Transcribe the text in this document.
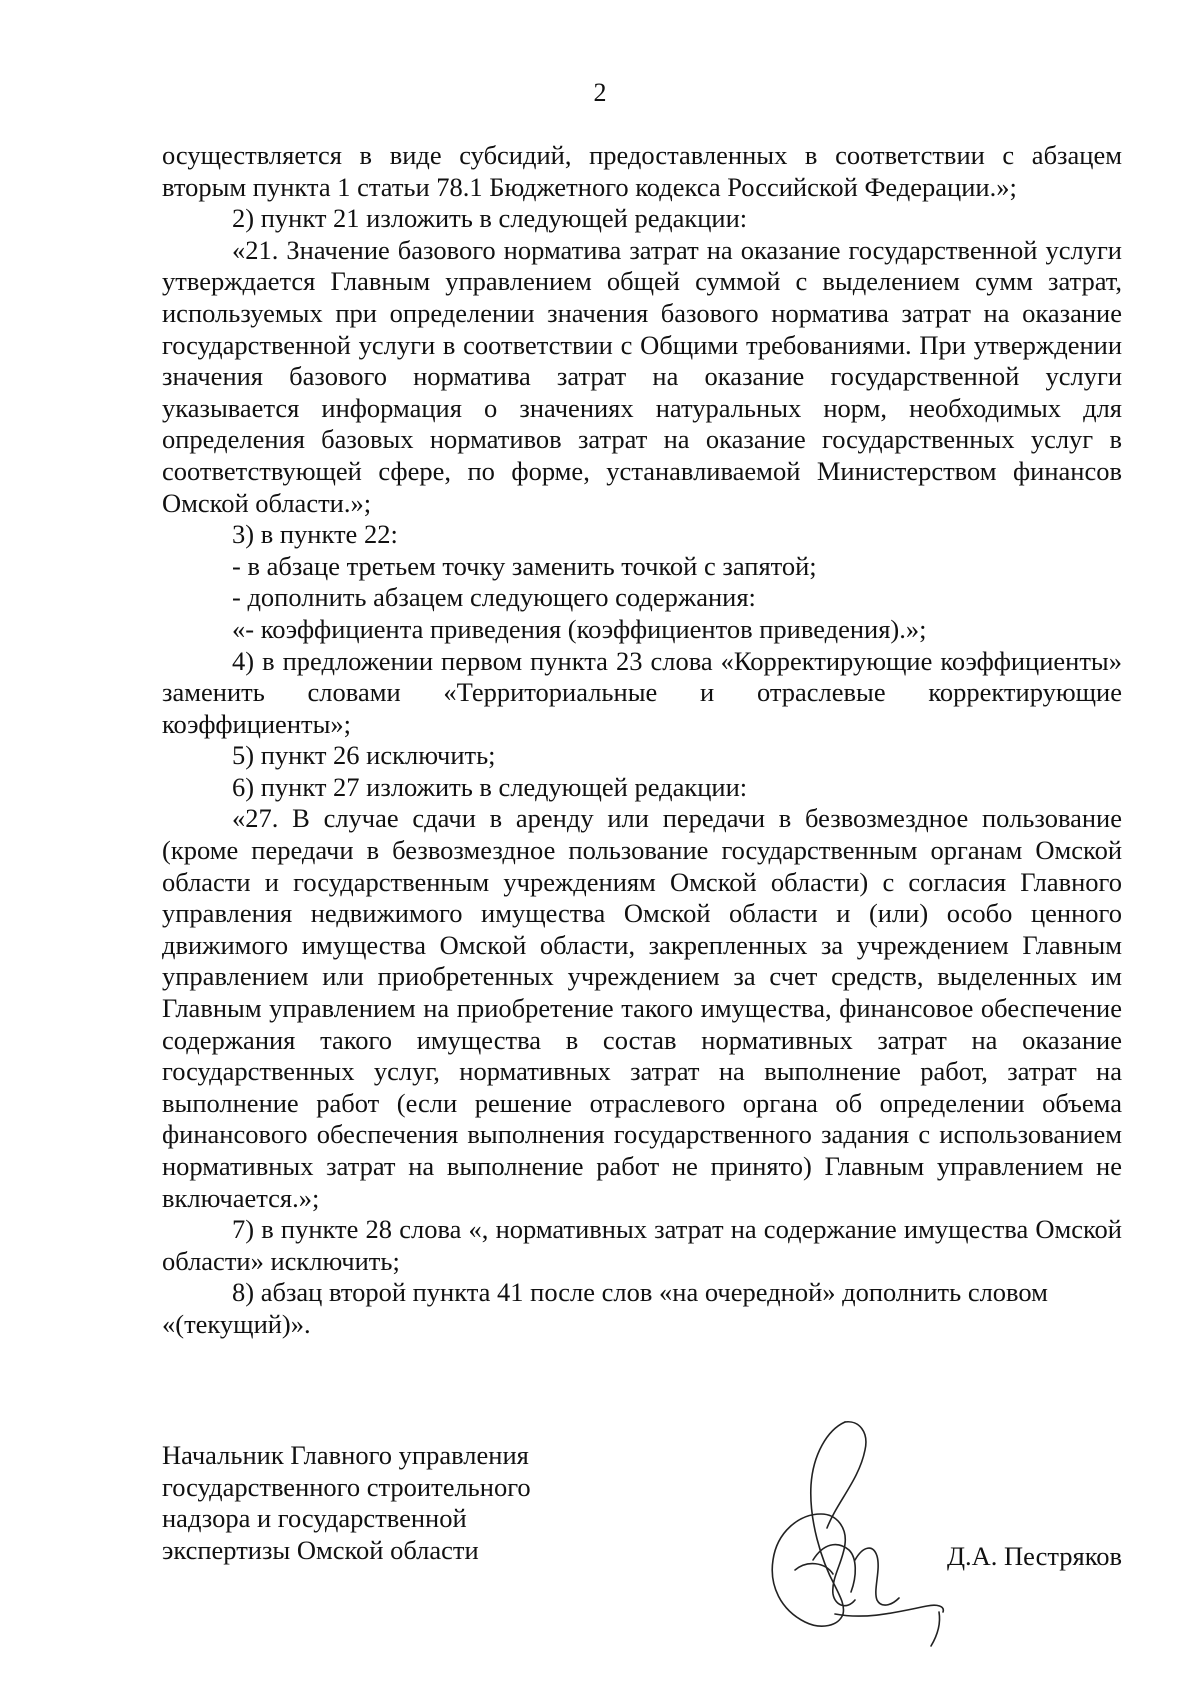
2

осуществляется в виде субсидий, предоставленных в соответствии с абзацем вторым пункта 1 статьи 78.1 Бюджетного кодекса Российской Федерации.»;

2) пункт 21 изложить в следующей редакции:

«21. Значение базового норматива затрат на оказание государственной услуги утверждается Главным управлением общей суммой с выделением сумм затрат, используемых при определении значения базового норматива затрат на оказание государственной услуги в соответствии с Общими требованиями. При утверждении значения базового норматива затрат на оказание государственной услуги указывается информация о значениях натуральных норм, необходимых для определения базовых нормативов затрат на оказание государственных услуг в соответствующей сфере, по форме, устанавливаемой Министерством финансов Омской области.»;

3) в пункте 22:

- в абзаце третьем точку заменить точкой с запятой;

- дополнить абзацем следующего содержания:

«- коэффициента приведения (коэффициентов приведения).»;

4) в предложении первом пункта 23 слова «Корректирующие коэффициенты» заменить словами «Территориальные и отраслевые корректирующие коэффициенты»;

5) пункт 26 исключить;

6) пункт 27 изложить в следующей редакции:

«27. В случае сдачи в аренду или передачи в безвозмездное пользование (кроме передачи в безвозмездное пользование государственным органам Омской области и государственным учреждениям Омской области) с согласия Главного управления недвижимого имущества Омской области и (или) особо ценного движимого имущества Омской области, закрепленных за учреждением Главным управлением или приобретенных учреждением за счет средств, выделенных им Главным управлением на приобретение такого имущества, финансовое обеспечение содержания такого имущества в состав нормативных затрат на оказание государственных услуг, нормативных затрат на выполнение работ, затрат на выполнение работ (если решение отраслевого органа об определении объема финансового обеспечения выполнения государственного задания с использованием нормативных затрат на выполнение работ не принято) Главным управлением не включается.»;

7) в пункте 28 слова «, нормативных затрат на содержание имущества Омской области» исключить;

8) абзац второй пункта 41 после слов «на очередной» дополнить словом «(текущий)».

Начальник Главного управления
государственного строительного
надзора и государственной
экспертизы Омской области	Д.А. Пестряков
